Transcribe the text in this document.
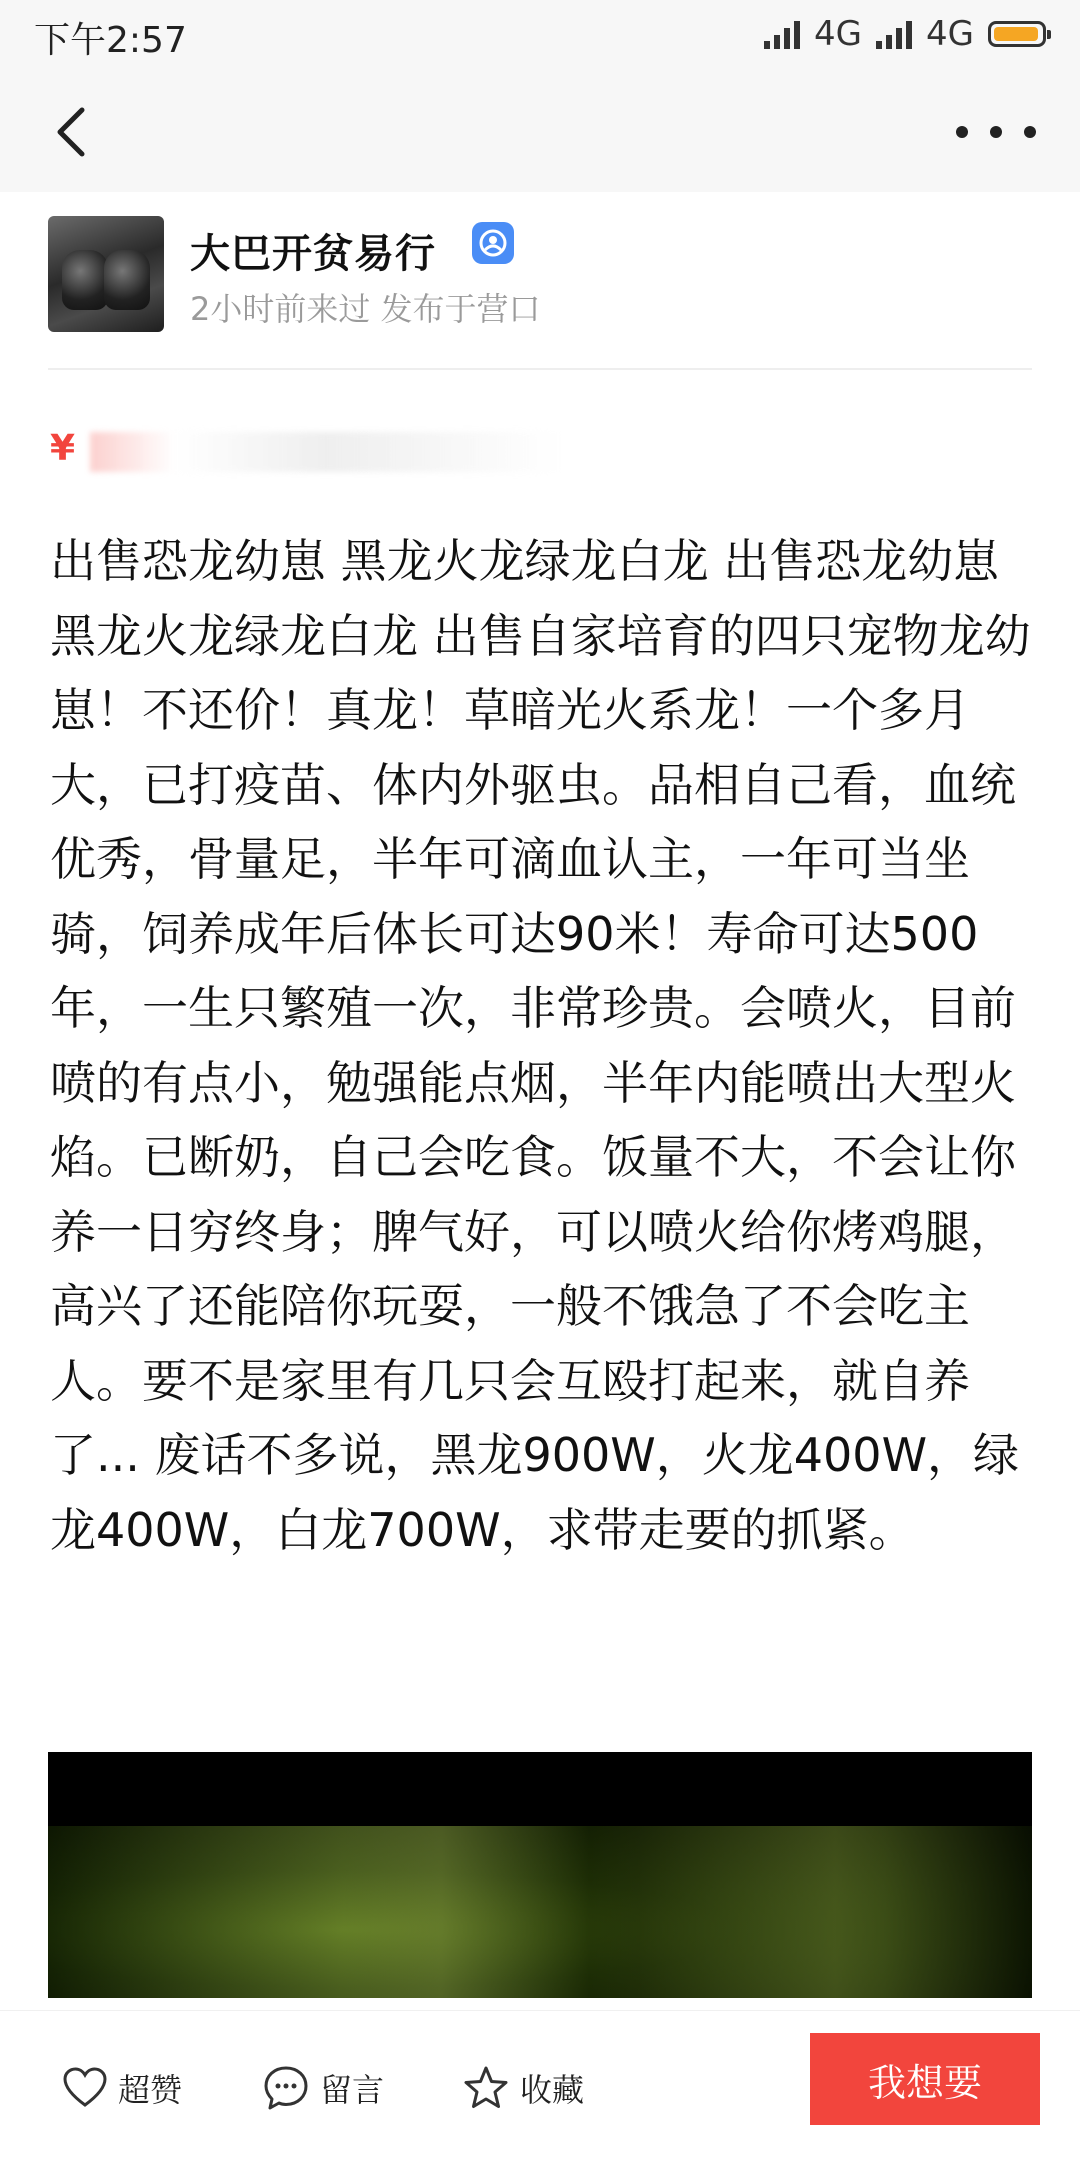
下午2:57	4G 4G
大巴开贫易行
2小时前来过 发布于营口
¥
出售恐龙幼崽 黑龙火龙绿龙白龙 出售恐龙幼崽 黑龙火龙绿龙白龙 出售自家培育的四只宠物龙幼崽！不还价！真龙！草暗光火系龙！一个多月大，已打疫苗、体内外驱虫。品相自己看，血统优秀，骨量足，半年可滴血认主，一年可当坐骑，饲养成年后体长可达90米！寿命可达500年，一生只繁殖一次，非常珍贵。会喷火，目前喷的有点小，勉强能点烟，半年内能喷出大型火焰。已断奶，自己会吃食。饭量不大，不会让你养一日穷终身；脾气好，可以喷火给你烤鸡腿，高兴了还能陪你玩耍，一般不饿急了不会吃主人。要不是家里有几只会互殴打起来，就自养了... 废话不多说，黑龙900W，火龙400W，绿龙400W，白龙700W，求带走要的抓紧。
超赞	留言	收藏	我想要
